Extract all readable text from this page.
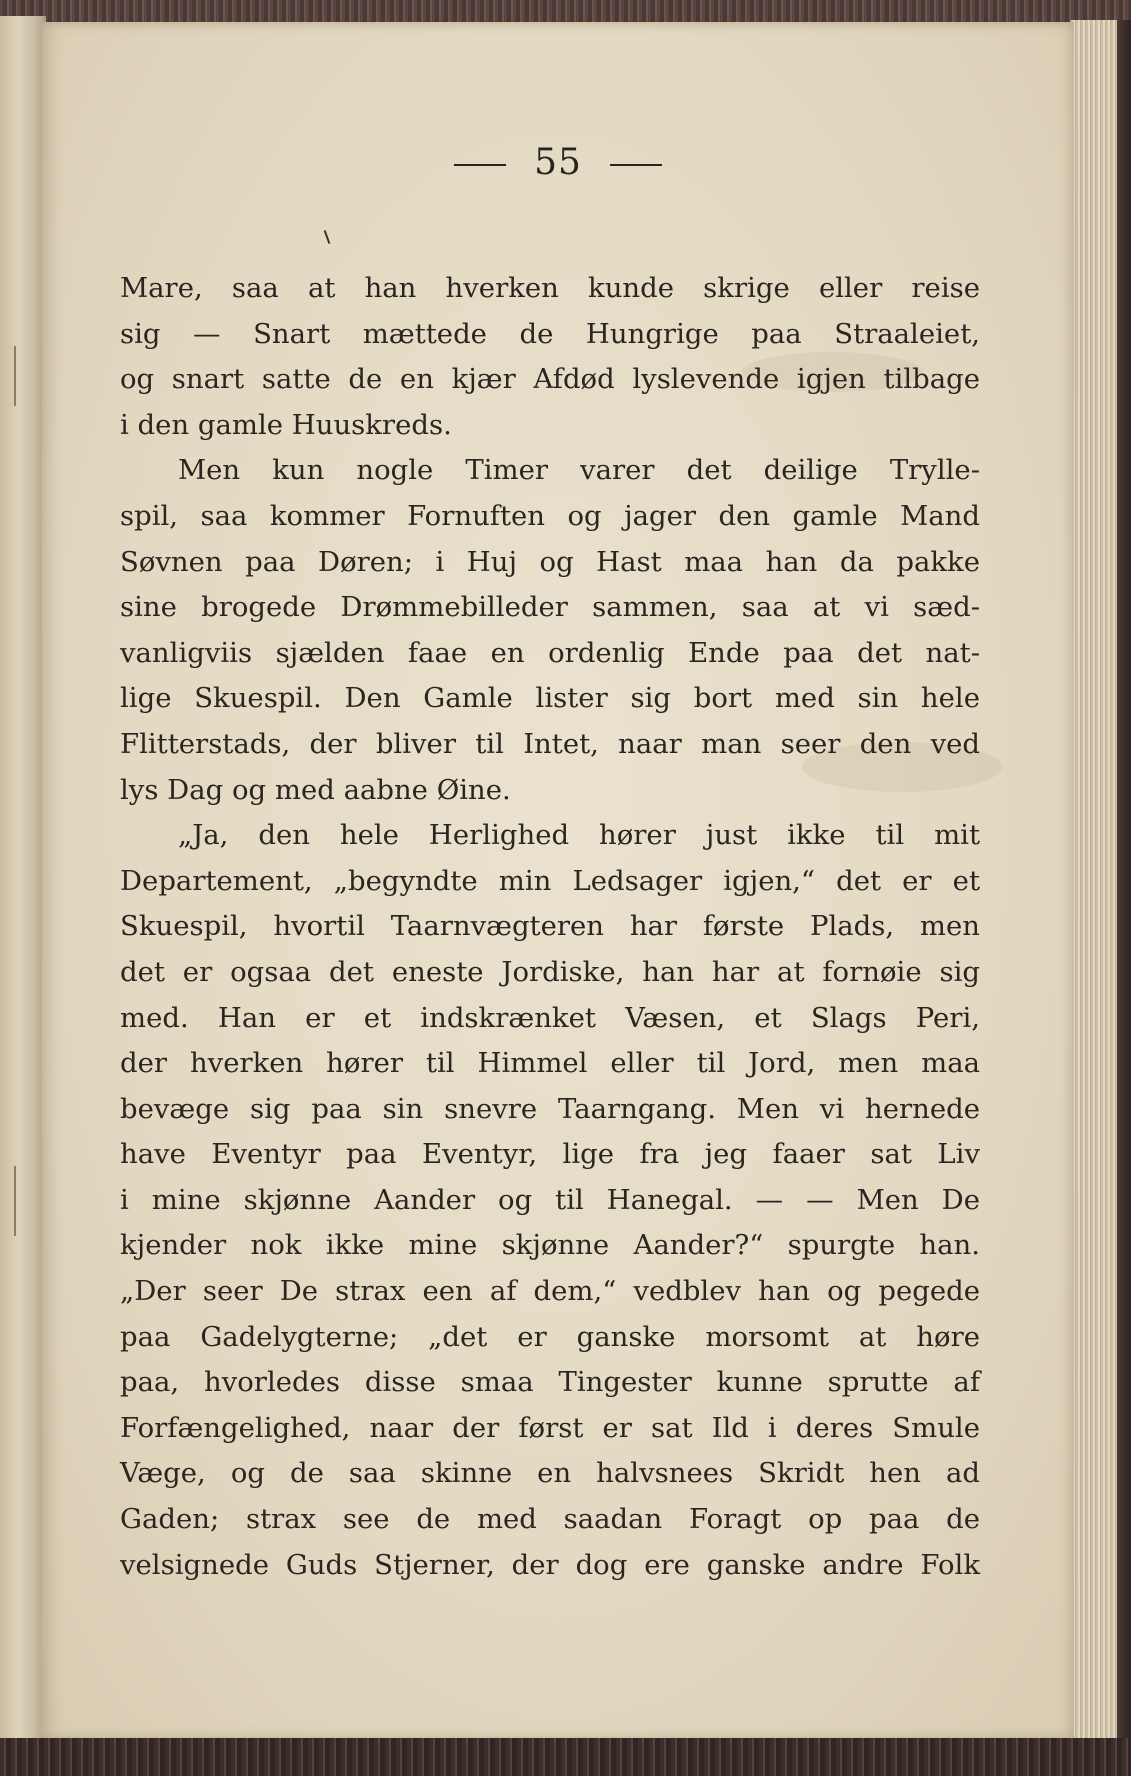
55
Mare, saa at han hverken kunde skrige eller reise
sig — Snart mættede de Hungrige paa Straaleiet,
og snart satte de en kjær Afdød lyslevende igjen tilbage
i den gamle Huuskreds.
Men kun nogle Timer varer det deilige Trylle-
spil, saa kommer Fornuften og jager den gamle Mand
Søvnen paa Døren; i Huj og Hast maa han da pakke
sine brogede Drømmebilleder sammen, saa at vi sæd-
vanligviis sjælden faae en ordenlig Ende paa det nat-
lige Skuespil. Den Gamle lister sig bort med sin hele
Flitterstads, der bliver til Intet, naar man seer den ved
lys Dag og med aabne Øine.
„Ja, den hele Herlighed hører just ikke til mit
Departement, „begyndte min Ledsager igjen,“ det er et
Skuespil, hvortil Taarnvægteren har første Plads, men
det er ogsaa det eneste Jordiske, han har at fornøie sig
med. Han er et indskrænket Væsen, et Slags Peri,
der hverken hører til Himmel eller til Jord, men maa
bevæge sig paa sin snevre Taarngang. Men vi hernede
have Eventyr paa Eventyr, lige fra jeg faaer sat Liv
i mine skjønne Aander og til Hanegal. — — Men De
kjender nok ikke mine skjønne Aander?“ spurgte han.
„Der seer De strax een af dem,“ vedblev han og pegede
paa Gadelygterne; „det er ganske morsomt at høre
paa, hvorledes disse smaa Tingester kunne sprutte af
Forfængelighed, naar der først er sat Ild i deres Smule
Væge, og de saa skinne en halvsnees Skridt hen ad
Gaden; strax see de med saadan Foragt op paa de
velsignede Guds Stjerner, der dog ere ganske andre Folk
